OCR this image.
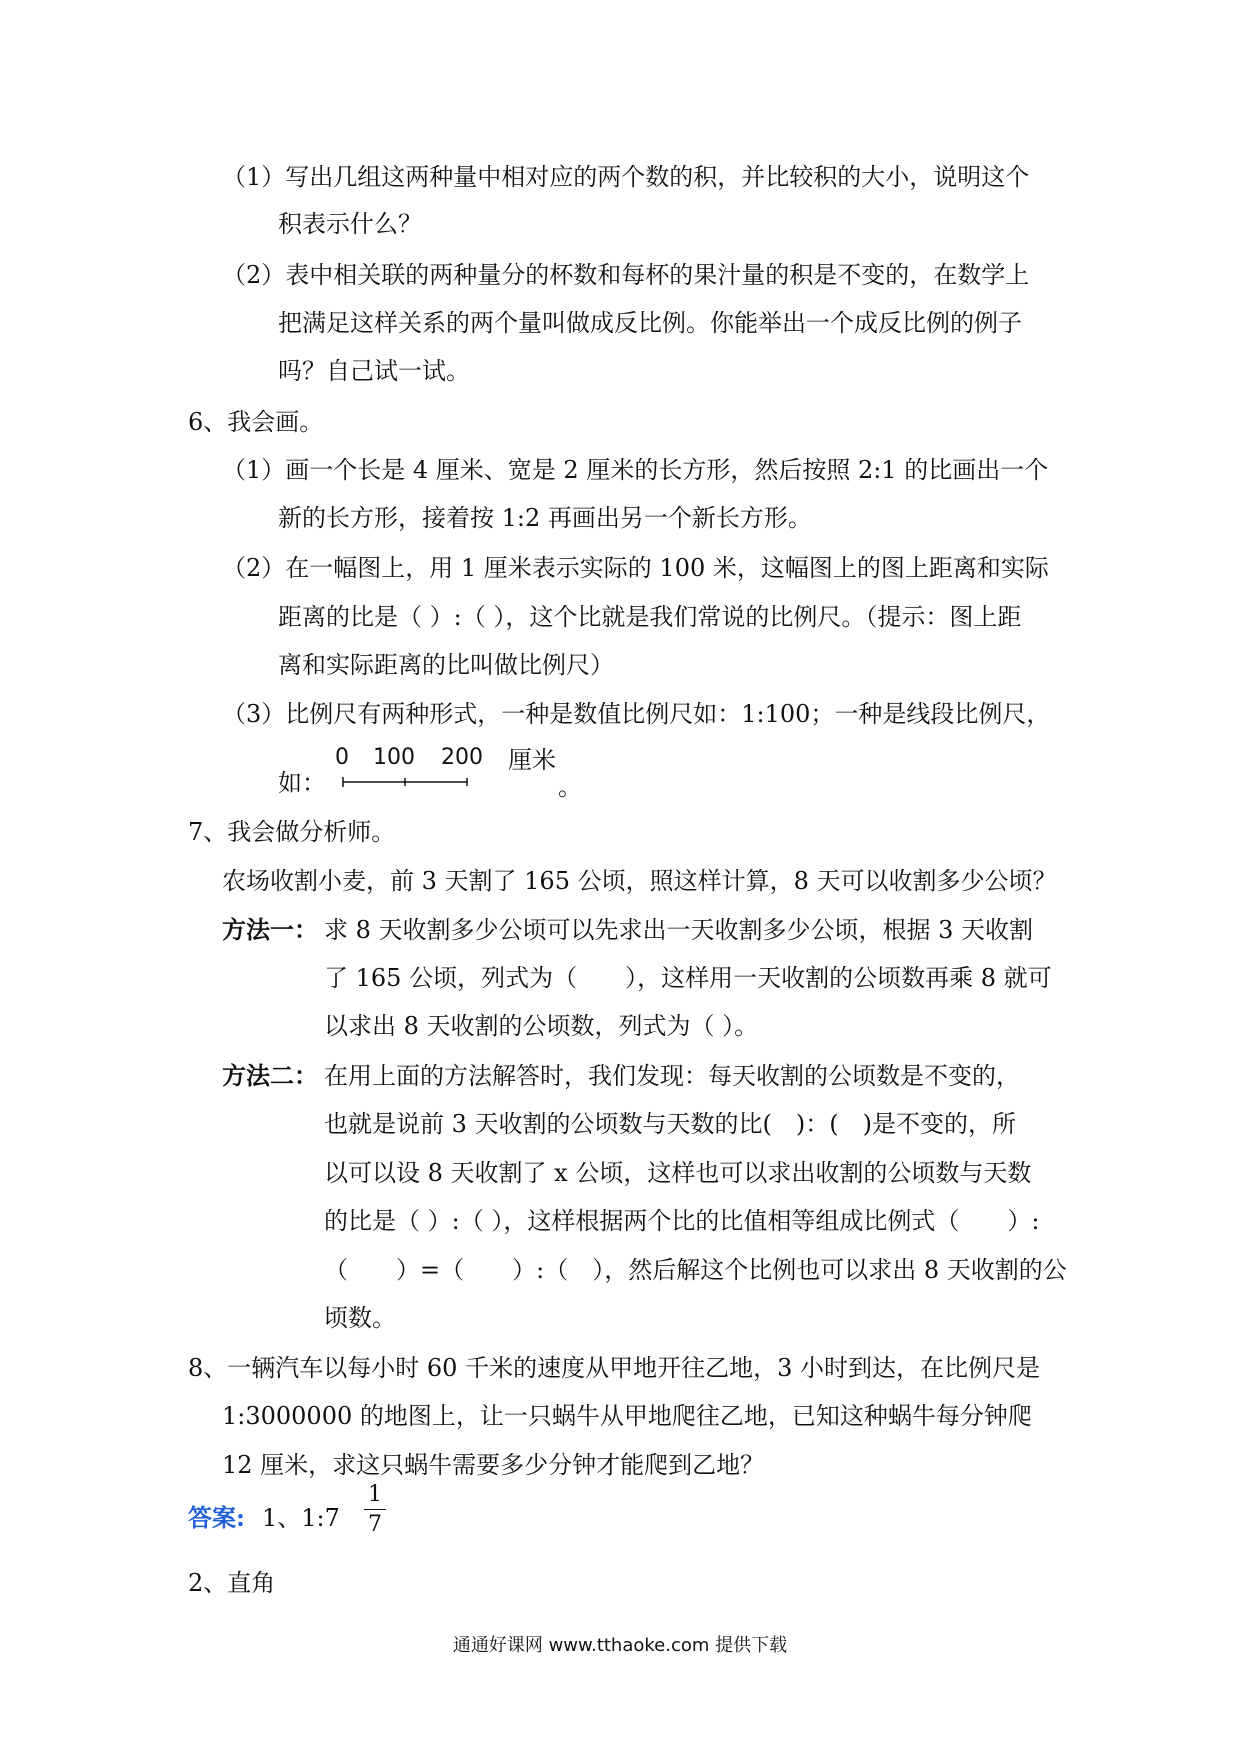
（1）写出几组这两种量中相对应的两个数的积，并比较积的大小，说明这个
积表示什么？
（2）表中相关联的两种量分的杯数和每杯的果汁量的积是不变的，在数学上
把满足这样关系的两个量叫做成反比例。你能举出一个成反比例的例子
吗？自己试一试。
6、我会画。
（1）画一个长是 4 厘米、宽是 2 厘米的长方形，然后按照 2:1 的比画出一个
新的长方形，接着按 1:2 再画出另一个新长方形。
（2）在一幅图上，用 1 厘米表示实际的 100 米，这幅图上的图上距离和实际
距离的比是（ ）:（ ），这个比就是我们常说的比例尺。（提示：图上距
离和实际距离的比叫做比例尺）
（3）比例尺有两种形式，一种是数值比例尺如：1:100；一种是线段比例尺，
如：
0 100 200 厘米
。
7、我会做分析师。
农场收割小麦，前 3 天割了 165 公顷，照这样计算，8 天可以收割多少公顷？
方法一： 求 8 天收割多少公顷可以先求出一天收割多少公顷，根据 3 天收割
了 165 公顷，列式为（　　），这样用一天收割的公顷数再乘 8 就可
以求出 8 天收割的公顷数，列式为（ ）。
方法二： 在用上面的方法解答时，我们发现：每天收割的公顷数是不变的，
也就是说前 3 天收割的公顷数与天数的比(　)：(　)是不变的，所
以可以设 8 天收割了 x 公顷，这样也可以求出收割的公顷数与天数
的比是（ ）:（ ），这样根据两个比的比值相等组成比例式（　　）:
（　　）=（　　）:（　），然后解这个比例也可以求出 8 天收割的公
顷数。
8、一辆汽车以每小时 60 千米的速度从甲地开往乙地，3 小时到达，在比例尺是
1:3000000 的地图上，让一只蜗牛从甲地爬往乙地，已知这种蜗牛每分钟爬
12 厘米，求这只蜗牛需要多少分钟才能爬到乙地？
答案: 1、1:7
1
7
2、直角
通通好课网 www.tthaoke.com 提供下载
